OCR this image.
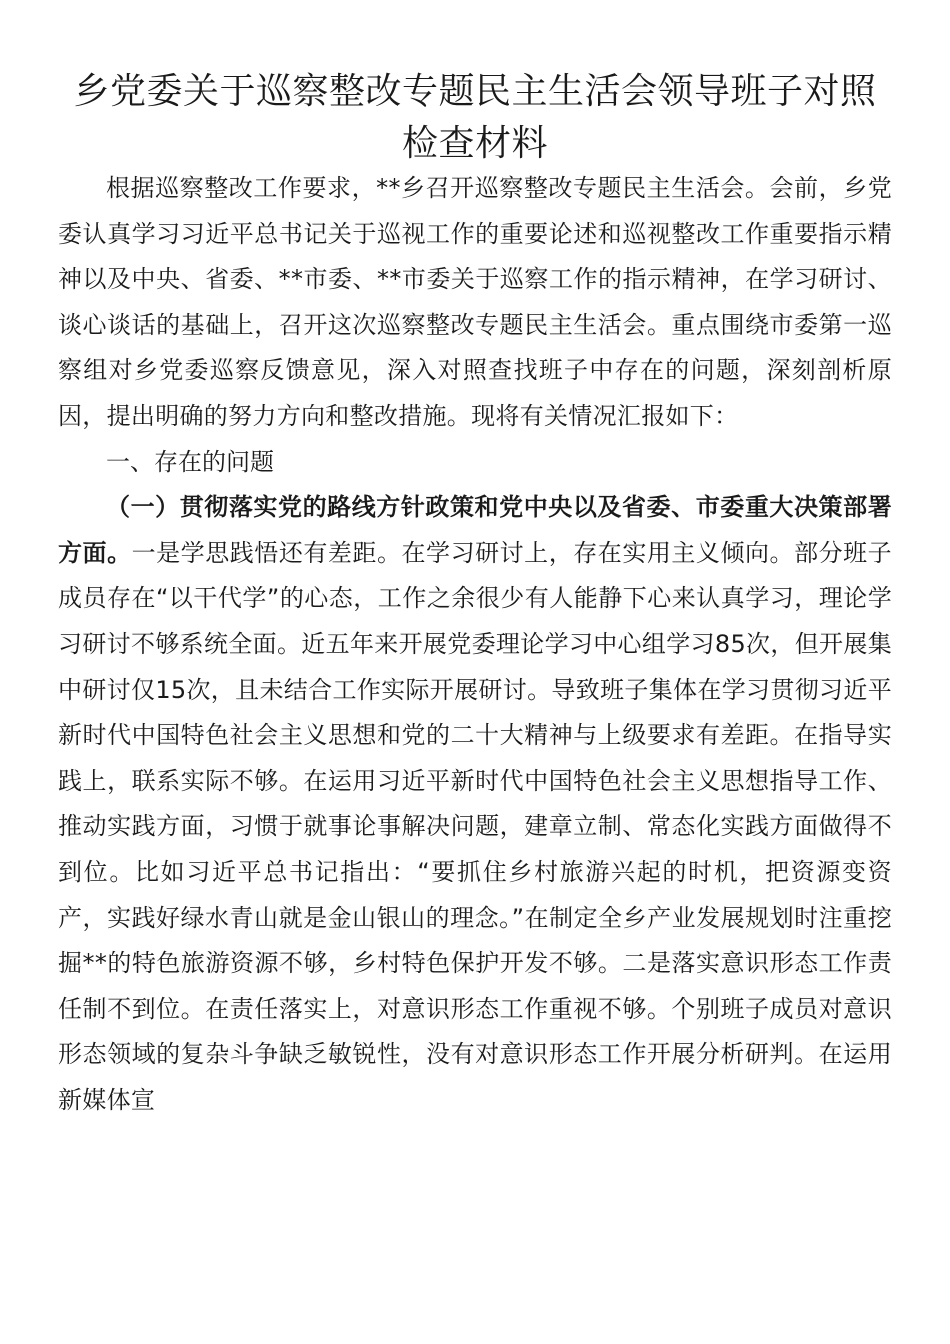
乡党委关于巡察整改专题民主生活会领导班子对照检查材料

根据巡察整改工作要求，**乡召开巡察整改专题民主生活会。会前，乡党委认真学习习近平总书记关于巡视工作的重要论述和巡视整改工作重要指示精神以及中央、省委、**市委、**市委关于巡察工作的指示精神，在学习研讨、谈心谈话的基础上，召开这次巡察整改专题民主生活会。重点围绕市委第一巡察组对乡党委巡察反馈意见，深入对照查找班子中存在的问题，深刻剖析原因，提出明确的努力方向和整改措施。现将有关情况汇报如下：

一、存在的问题

（一）贯彻落实党的路线方针政策和党中央以及省委、市委重大决策部署方面。一是学思践悟还有差距。在学习研讨上，存在实用主义倾向。部分班子成员存在“以干代学”的心态，工作之余很少有人能静下心来认真学习，理论学习研讨不够系统全面。近五年来开展党委理论学习中心组学习85次，但开展集中研讨仅15次，且未结合工作实际开展研讨。导致班子集体在学习贯彻习近平新时代中国特色社会主义思想和党的二十大精神与上级要求有差距。在指导实践上，联系实际不够。在运用习近平新时代中国特色社会主义思想指导工作、推动实践方面，习惯于就事论事解决问题，建章立制、常态化实践方面做得不到位。比如习近平总书记指出：“要抓住乡村旅游兴起的时机，把资源变资产，实践好绿水青山就是金山银山的理念。”在制定全乡产业发展规划时注重挖掘**的特色旅游资源不够，乡村特色保护开发不够。二是落实意识形态工作责任制不到位。在责任落实上，对意识形态工作重视不够。个别班子成员对意识形态领域的复杂斗争缺乏敏锐性，没有对意识形态工作开展分析研判。在运用新媒体宣
